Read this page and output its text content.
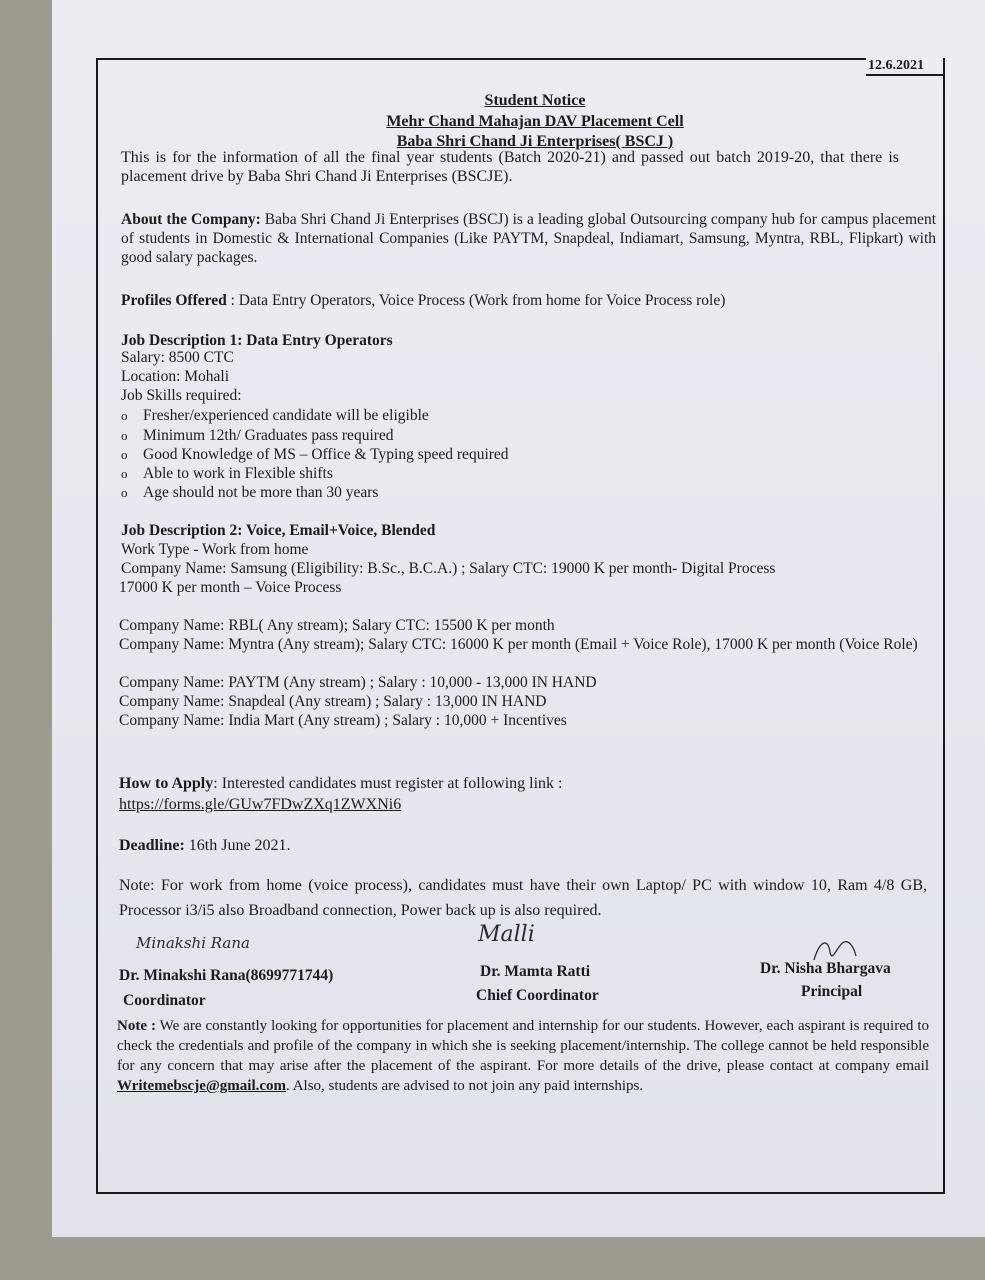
12.6.2021
Student Notice
Mehr Chand Mahajan DAV Placement Cell
Baba Shri Chand Ji Enterprises( BSCJ )
This is for the information of all the final year students (Batch 2020-21) and passed out batch 2019-20, that there is placement drive by Baba Shri Chand Ji Enterprises (BSCJE).
About the Company: Baba Shri Chand Ji Enterprises (BSCJ) is a leading global Outsourcing company hub for campus placement of students in Domestic & International Companies (Like PAYTM, Snapdeal, Indiamart, Samsung, Myntra, RBL, Flipkart) with good salary packages.
Profiles Offered : Data Entry Operators, Voice Process (Work from home for Voice Process role)
Job Description 1: Data Entry Operators
Salary: 8500 CTC
Location: Mohali
Job Skills required:
o Fresher/experienced candidate will be eligible
o Minimum 12th/ Graduates pass required
o Good Knowledge of MS – Office & Typing speed required
o Able to work in Flexible shifts
o Age should not be more than 30 years
Job Description 2: Voice, Email+Voice, Blended
Work Type - Work from home
Company Name: Samsung (Eligibility: B.Sc., B.C.A.) ; Salary CTC: 19000 K per month- Digital Process
17000 K per month – Voice Process
Company Name: RBL( Any stream); Salary CTC: 15500 K per month
Company Name: Myntra (Any stream); Salary CTC: 16000 K per month (Email + Voice Role), 17000 K per month (Voice Role)
Company Name: PAYTM (Any stream) ; Salary : 10,000 - 13,000 IN HAND
Company Name: Snapdeal (Any stream) ; Salary : 13,000 IN HAND
Company Name: India Mart (Any stream) ; Salary : 10,000 + Incentives
How to Apply: Interested candidates must register at following link :
https://forms.gle/GUw7FDwZXq1ZWXNi6
Deadline: 16th June 2021.
Note: For work from home (voice process), candidates must have their own Laptop/ PC with window 10, Ram 4/8 GB, Processor i3/i5 also Broadband connection, Power back up is also required.
Minakshi Rana	Malli
Dr. Minakshi Rana(8699771744)
Coordinator
Dr. Mamta Ratti
Chief Coordinator
Dr. Nisha Bhargava
Principal
Note : We are constantly looking for opportunities for placement and internship for our students. However, each aspirant is required to check the credentials and profile of the company in which she is seeking placement/internship. The college cannot be held responsible for any concern that may arise after the placement of the aspirant. For more details of the drive, please contact at company email Writemebscje@gmail.com. Also, students are advised to not join any paid internships.
